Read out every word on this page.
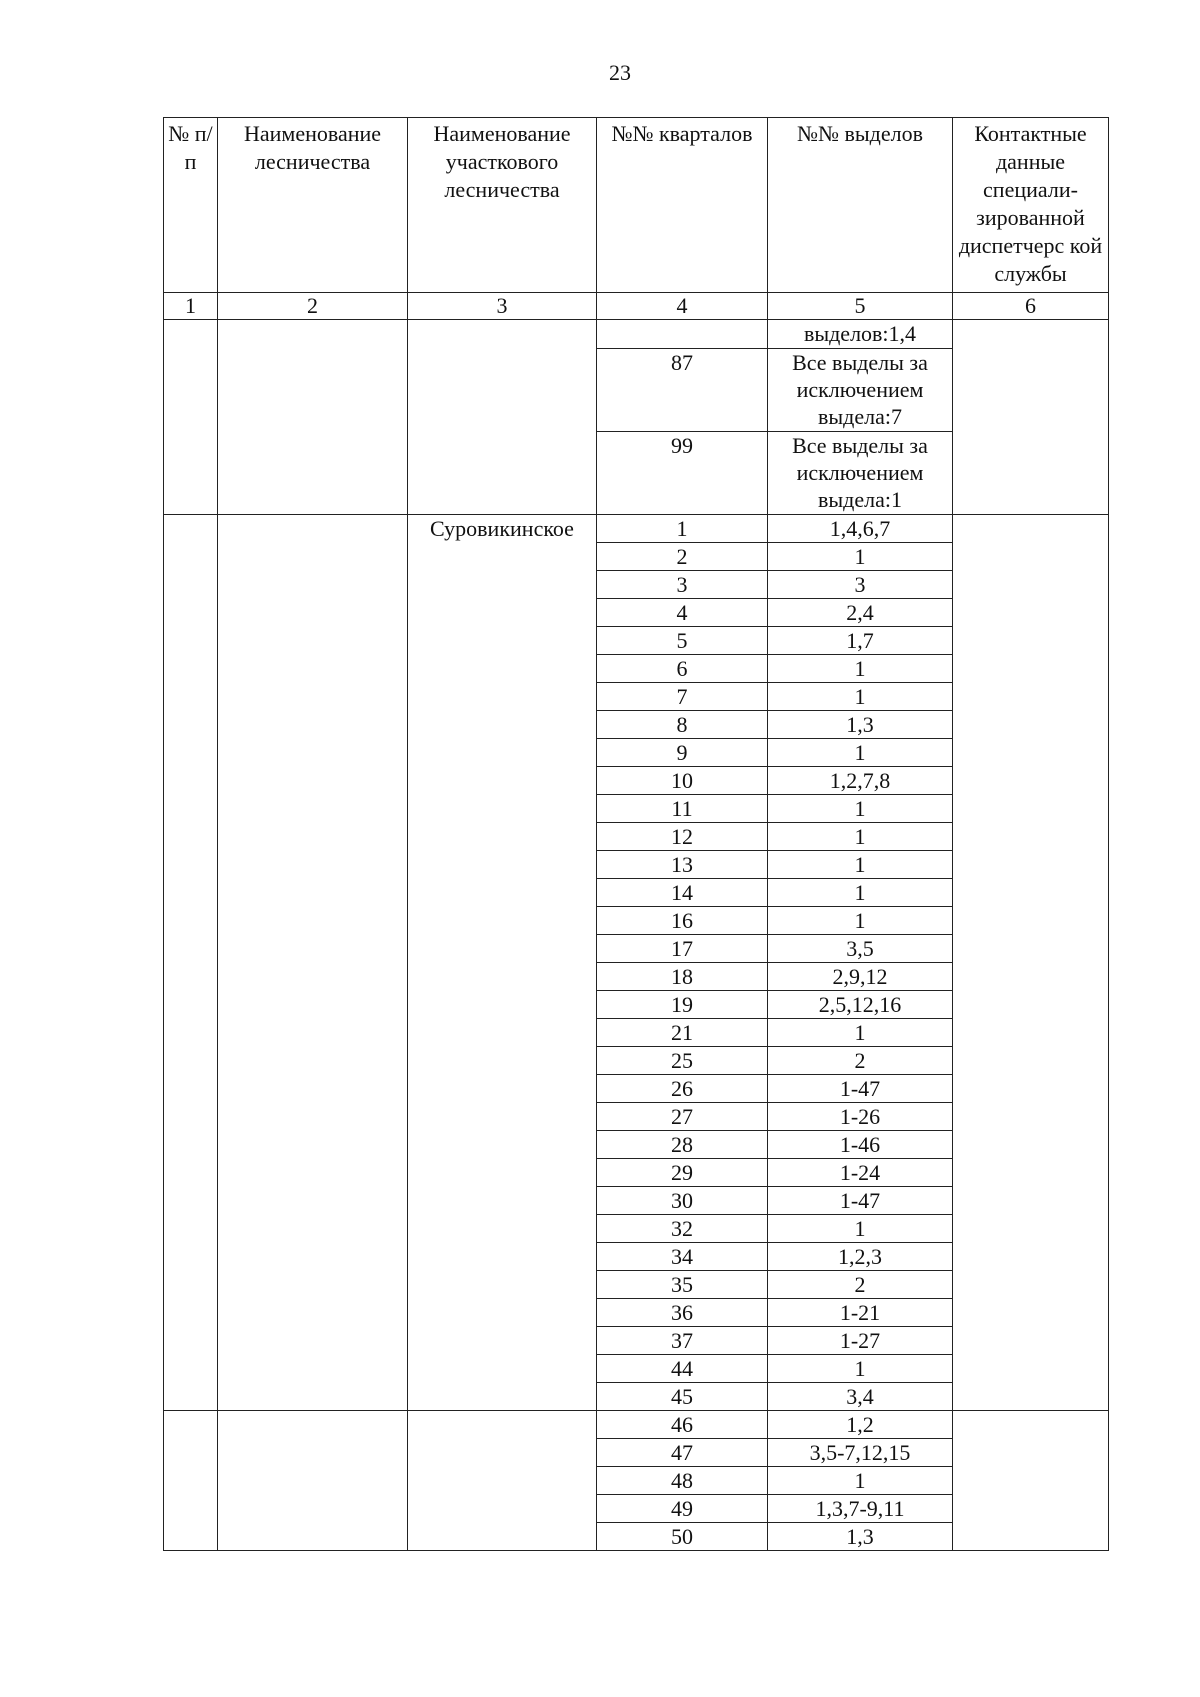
23
№ п/п	Наименование лесничества	Наименование участкового лесничества	№№ кварталов	№№ выделов	Контактные данные специали-зированной диспетчерс кой службы
1	2	3	4	5	6
				выделов:1,4	
			87	Все выделы за исключением выдела:7	
			99	Все выделы за исключением выдела:1	
		Суровикинское	1	1,4,6,7	
			2	1	
			3	3	
			4	2,4	
			5	1,7	
			6	1	
			7	1	
			8	1,3	
			9	1	
			10	1,2,7,8	
			11	1	
			12	1	
			13	1	
			14	1	
			16	1	
			17	3,5	
			18	2,9,12	
			19	2,5,12,16	
			21	1	
			25	2	
			26	1-47	
			27	1-26	
			28	1-46	
			29	1-24	
			30	1-47	
			32	1	
			34	1,2,3	
			35	2	
			36	1-21	
			37	1-27	
			44	1	
			45	3,4	
			46	1,2	
			47	3,5-7,12,15	
			48	1	
			49	1,3,7-9,11	
			50	1,3	
